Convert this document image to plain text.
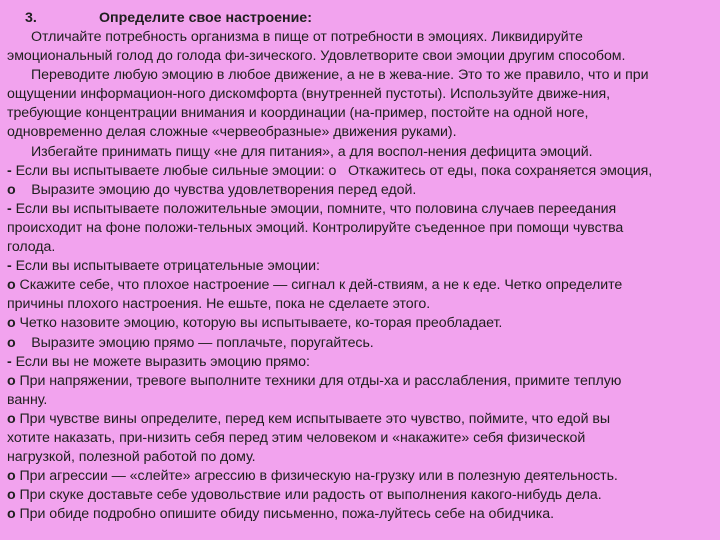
3.	Определите свое настроение:
Отличайте потребность организма в пище от потребности в эмоциях. Ликвидируйте
эмоциональный голод до голода фи-зического. Удовлетворите свои эмоции другим способом.
Переводите любую эмоцию в любое движение, а не в жева-ние. Это то же правило, что и при
ощущении информацион-ного дискомфорта (внутренней пустоты). Используйте движе-ния,
требующие концентрации внимания и координации (на-пример, постойте на одной ноге,
одновременно делая сложные «червеобразные» движения руками).
Избегайте принимать пищу «не для питания», а для воспол-нения дефицита эмоций.
- Если вы испытываете любые сильные эмоции: o   Откажитесь от еды, пока сохраняется эмоция,
o    Выразите эмоцию до чувства удовлетворения перед едой.
- Если вы испытываете положительные эмоции, помните, что половина случаев переедания
происходит на фоне положи-тельных эмоций. Контролируйте съеденное при помощи чувства
голода.
- Если вы испытываете отрицательные эмоции:
o Скажите себе, что плохое настроение — сигнал к дей-ствиям, а не к еде. Четко определите
причины плохого настроения. Не ешьте, пока не сделаете этого.
o Четко назовите эмоцию, которую вы испытываете, ко-торая преобладает.
o    Выразите эмоцию прямо — поплачьте, поругайтесь.
- Если вы не можете выразить эмоцию прямо:
o При напряжении, тревоге выполните техники для отды-ха и расслабления, примите теплую
ванну.
o При чувстве вины определите, перед кем испытываете это чувство, поймите, что едой вы
хотите наказать, при-низить себя перед этим человеком и «накажите» себя физической
нагрузкой, полезной работой по дому.
o При агрессии — «слейте» агрессию в физическую на-грузку или в полезную деятельность.
o При скуке доставьте себе удовольствие или радость от выполнения какого-нибудь дела.
o При обиде подробно опишите обиду письменно, пожа-луйтесь себе на обидчика.
